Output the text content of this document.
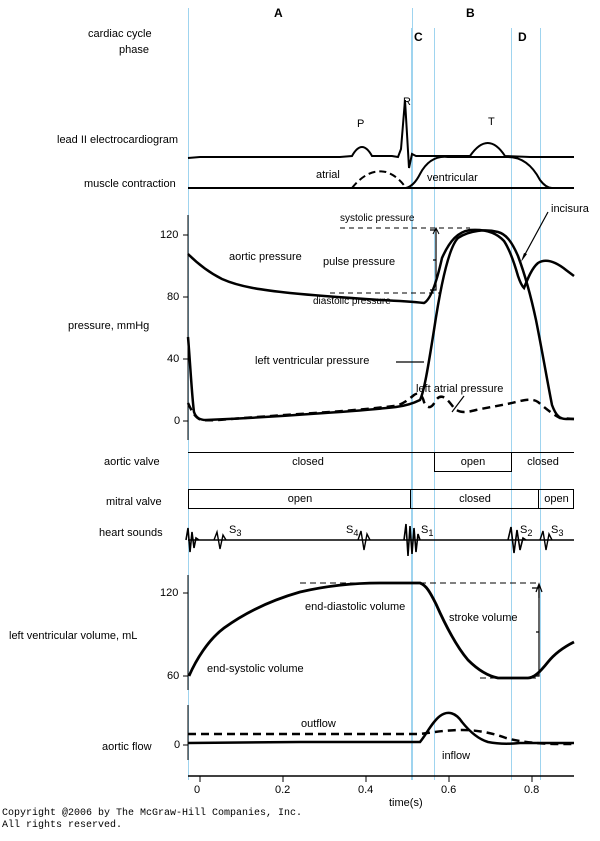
A	B
C	D
cardiac cycle
phase
lead II electrocardiogram
muscle contraction
pressure, mmHg
aortic valve
mitral valve
heart sounds
left ventricular volume, mL
aortic flow
120
80
40
0
120
60
0
0	0.2	0.4	0.6	0.8
time(s)
P
R
T
atrial	ventricular
aortic pressure
systolic pressure
pulse pressure
diastolic pressure
incisura
left ventricular pressure
left atrial pressure
end-diastolic volume
end-systolic volume
stroke volume
outflow
inflow
closed	open	closed
open	closed	open
$S_3$	$S_4$	$S_1$	$S_2$ $S_3$
Copyright @2006 by The McGraw-Hill Companies, Inc.
All rights reserved.
